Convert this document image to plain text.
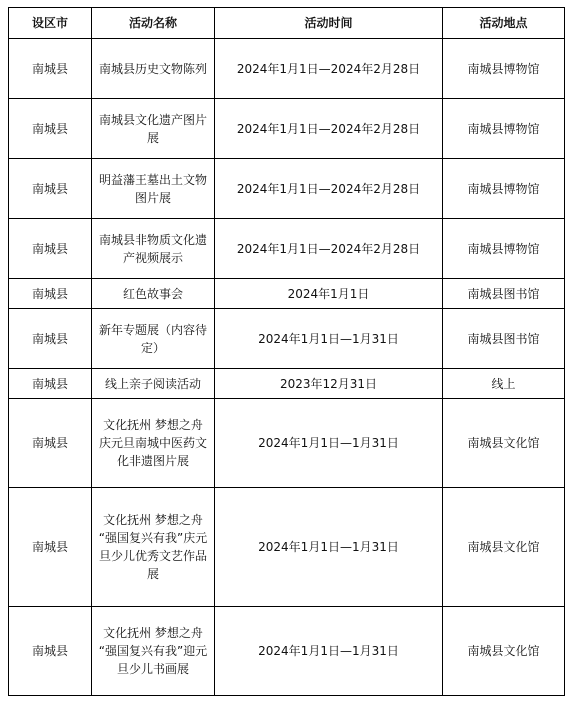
设区市	活动名称	活动时间	活动地点
南城县	南城县历史文物陈列	2024年1月1日—2024年2月28日	南城县博物馆
南城县	南城县文化遗产图片展	2024年1月1日—2024年2月28日	南城县博物馆
南城县	明益藩王墓出土文物图片展	2024年1月1日—2024年2月28日	南城县博物馆
南城县	南城县非物质文化遗产视频展示	2024年1月1日—2024年2月28日	南城县博物馆
南城县	红色故事会	2024年1月1日	南城县图书馆
南城县	新年专题展（内容待定）	2024年1月1日—1月31日	南城县图书馆
南城县	线上亲子阅读活动	2023年12月31日	线上
南城县	文化抚州 梦想之舟 庆元旦南城中医药文化非遗图片展	2024年1月1日—1月31日	南城县文化馆
南城县	文化抚州 梦想之舟 “强国复兴有我”庆元旦少儿优秀文艺作品展	2024年1月1日—1月31日	南城县文化馆
南城县	文化抚州 梦想之舟 “强国复兴有我”迎元旦少儿书画展	2024年1月1日—1月31日	南城县文化馆
